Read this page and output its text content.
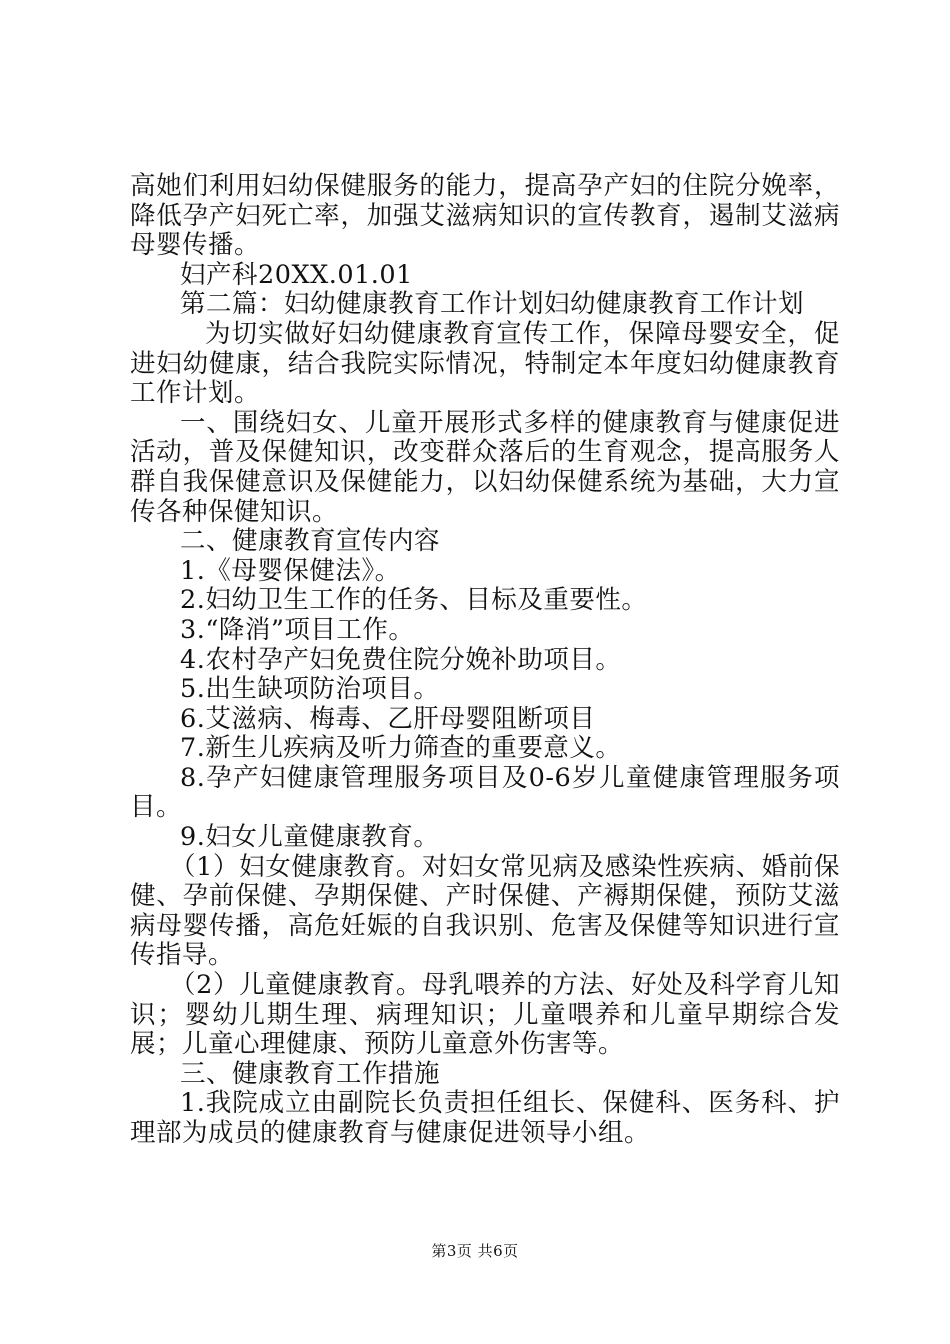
高她们利用妇幼保健服务的能力，提高孕产妇的住院分娩率，降低孕产妇死亡率，加强艾滋病知识的宣传教育，遏制艾滋病母婴传播。

妇产科20XX.01.01

第二篇：妇幼健康教育工作计划妇幼健康教育工作计划

为切实做好妇幼健康教育宣传工作，保障母婴安全，促进妇幼健康，结合我院实际情况，特制定本年度妇幼健康教育工作计划。

一、围绕妇女、儿童开展形式多样的健康教育与健康促进活动，普及保健知识，改变群众落后的生育观念，提高服务人群自我保健意识及保健能力，以妇幼保健系统为基础，大力宣传各种保健知识。

二、健康教育宣传内容

1.《母婴保健法》。

2.妇幼卫生工作的任务、目标及重要性。

3.“降消”项目工作。

4.农村孕产妇免费住院分娩补助项目。

5.出生缺项防治项目。

6.艾滋病、梅毒、乙肝母婴阻断项目

7.新生儿疾病及听力筛查的重要意义。

8.孕产妇健康管理服务项目及0-6岁儿童健康管理服务项目。

9.妇女儿童健康教育。

（1）妇女健康教育。对妇女常见病及感染性疾病、婚前保健、孕前保健、孕期保健、产时保健、产褥期保健，预防艾滋病母婴传播，高危妊娠的自我识别、危害及保健等知识进行宣传指导。

（2）儿童健康教育。母乳喂养的方法、好处及科学育儿知识；婴幼儿期生理、病理知识；儿童喂养和儿童早期综合发展；儿童心理健康、预防儿童意外伤害等。

三、健康教育工作措施

1.我院成立由副院长负责担任组长、保健科、医务科、护理部为成员的健康教育与健康促进领导小组。

第3页 共6页
